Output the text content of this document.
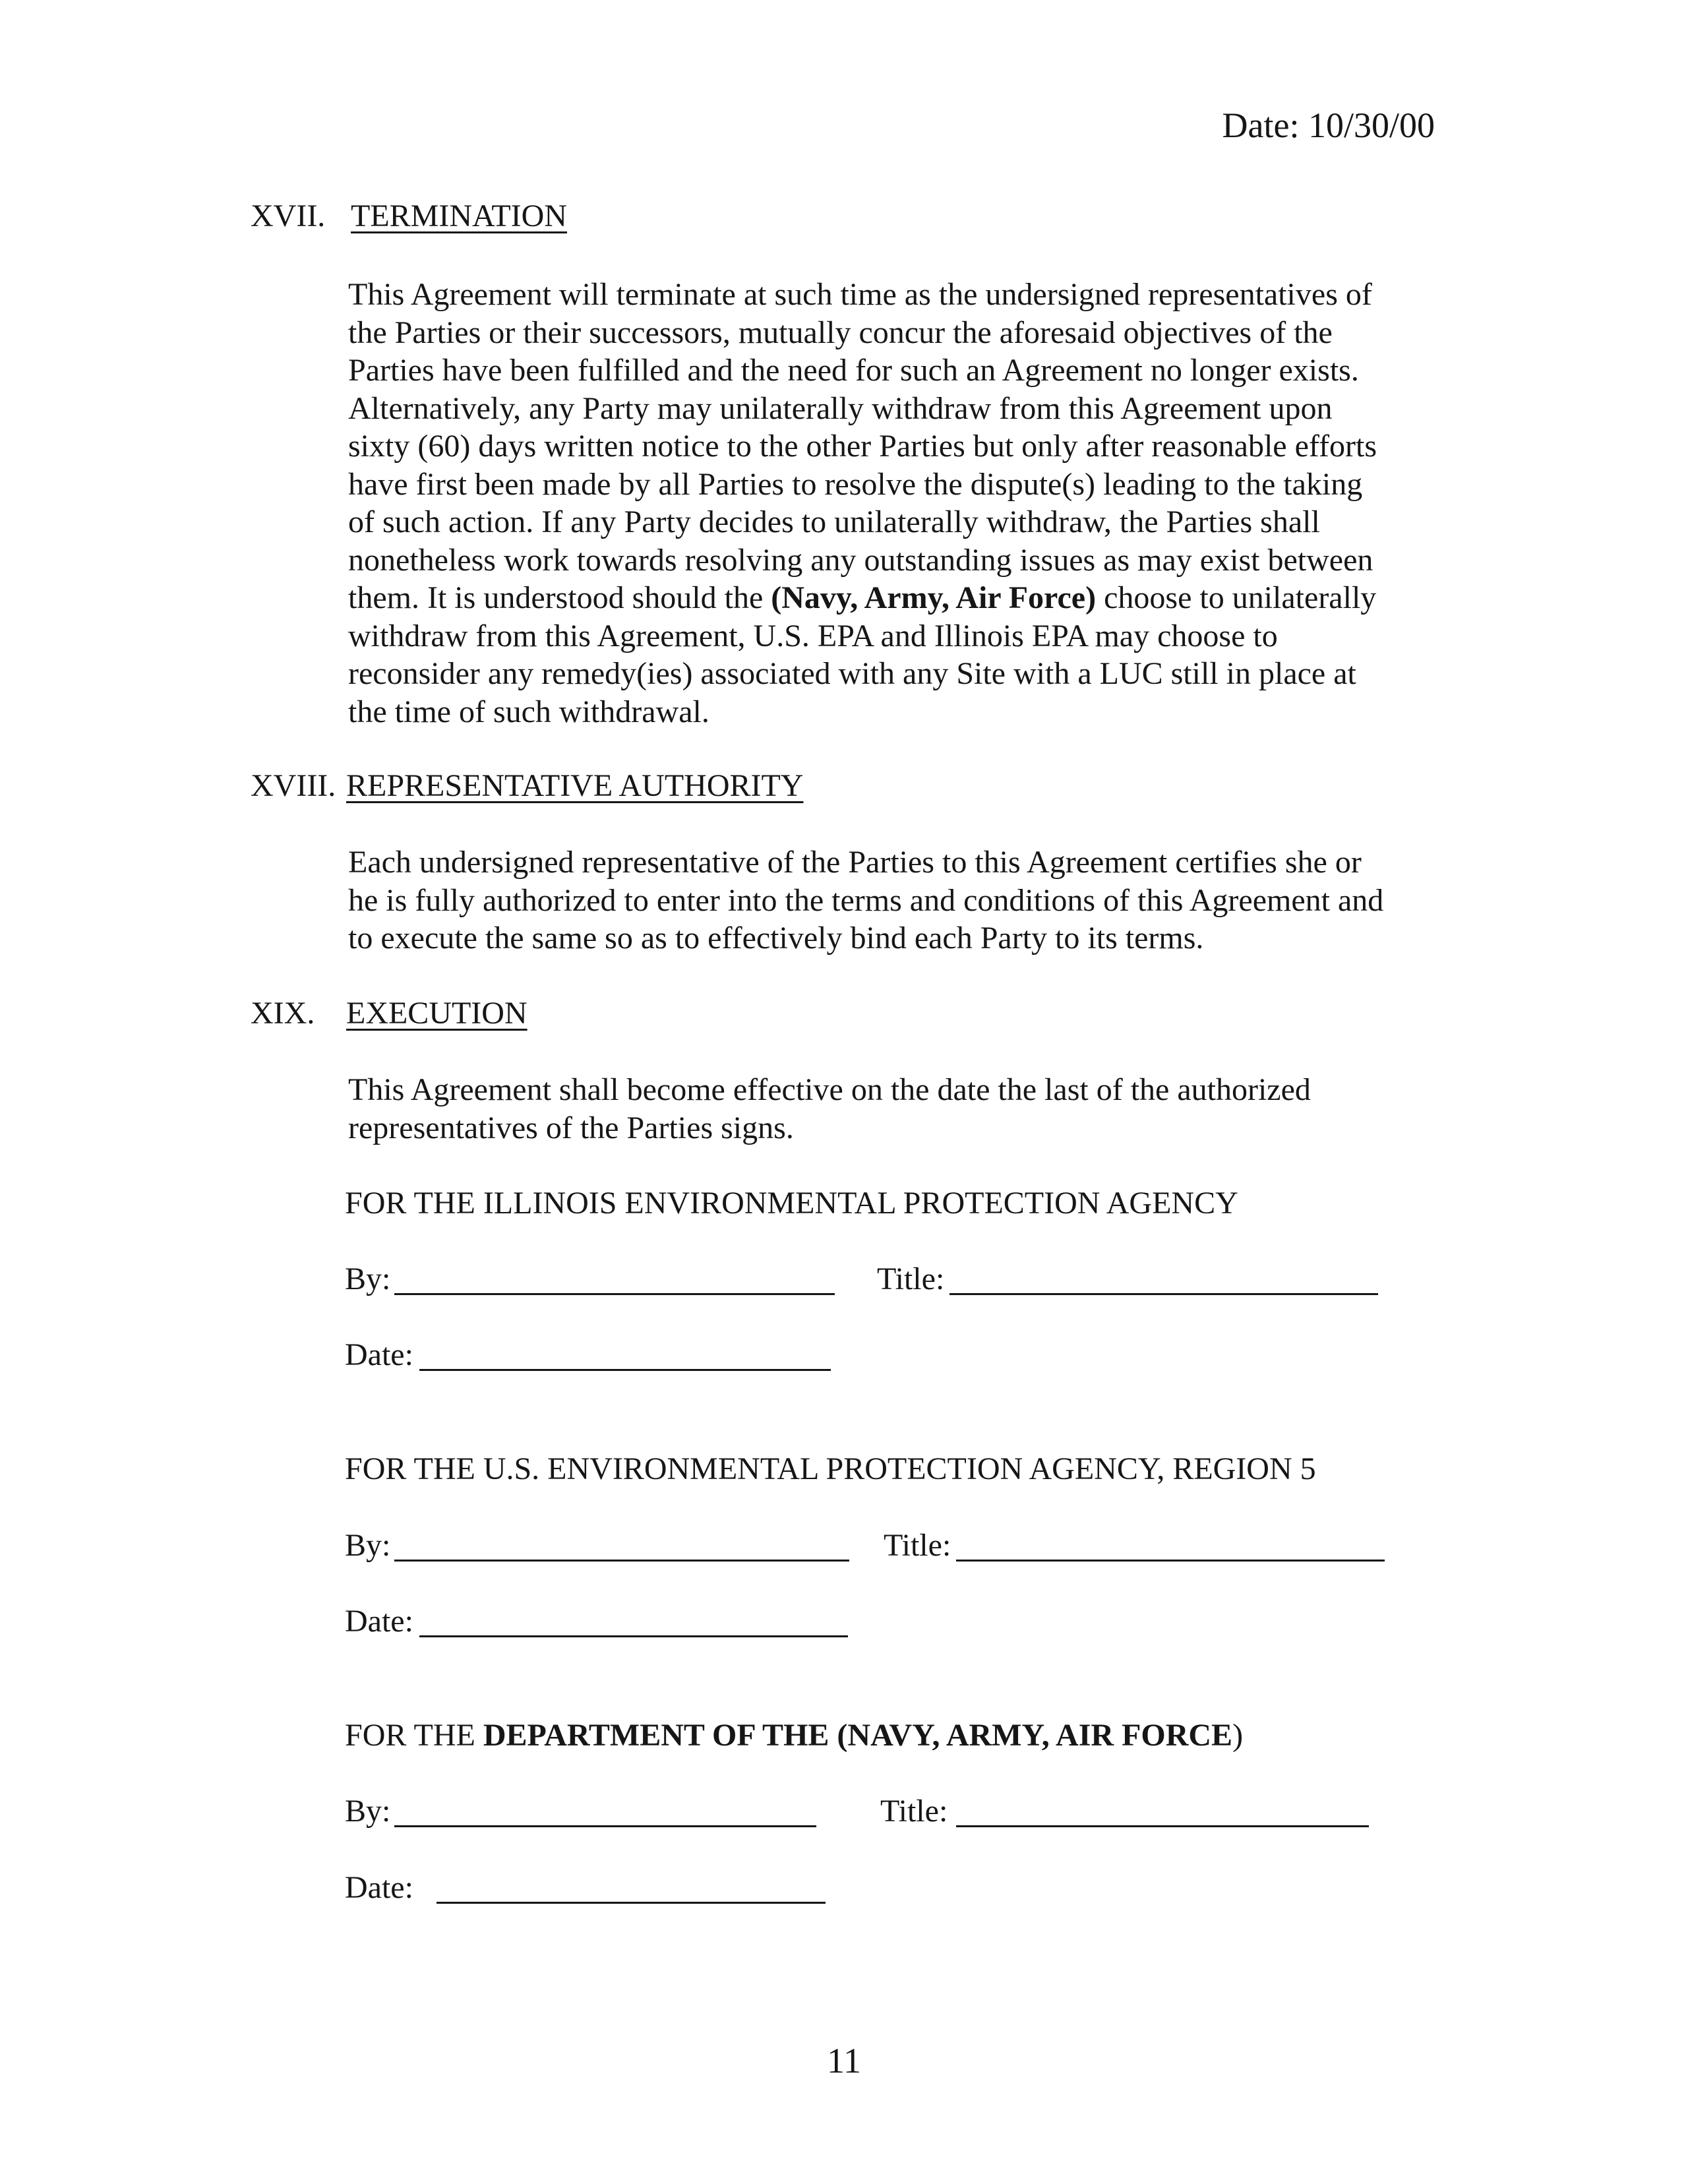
Date: 10/30/00
XVII. TERMINATION
This Agreement will terminate at such time as the undersigned representatives of
the Parties or their successors, mutually concur the aforesaid objectives of the
Parties have been fulfilled and the need for such an Agreement no longer exists.
Alternatively, any Party may unilaterally withdraw from this Agreement upon
sixty (60) days written notice to the other Parties but only after reasonable efforts
have first been made by all Parties to resolve the dispute(s) leading to the taking
of such action. If any Party decides to unilaterally withdraw, the Parties shall
nonetheless work towards resolving any outstanding issues as may exist between
them. It is understood should the (Navy, Army, Air Force) choose to unilaterally
withdraw from this Agreement, U.S. EPA and Illinois EPA may choose to
reconsider any remedy(ies) associated with any Site with a LUC still in place at
the time of such withdrawal.
XVIII. REPRESENTATIVE AUTHORITY
Each undersigned representative of the Parties to this Agreement certifies she or
he is fully authorized to enter into the terms and conditions of this Agreement and
to execute the same so as to effectively bind each Party to its terms.
XIX. EXECUTION
This Agreement shall become effective on the date the last of the authorized
representatives of the Parties signs.
FOR THE ILLINOIS ENVIRONMENTAL PROTECTION AGENCY
By:	Title:
Date:
FOR THE U.S. ENVIRONMENTAL PROTECTION AGENCY, REGION 5
By:	Title:
Date:
FOR THE DEPARTMENT OF THE (NAVY, ARMY, AIR FORCE)
By:	Title:
Date:
11
